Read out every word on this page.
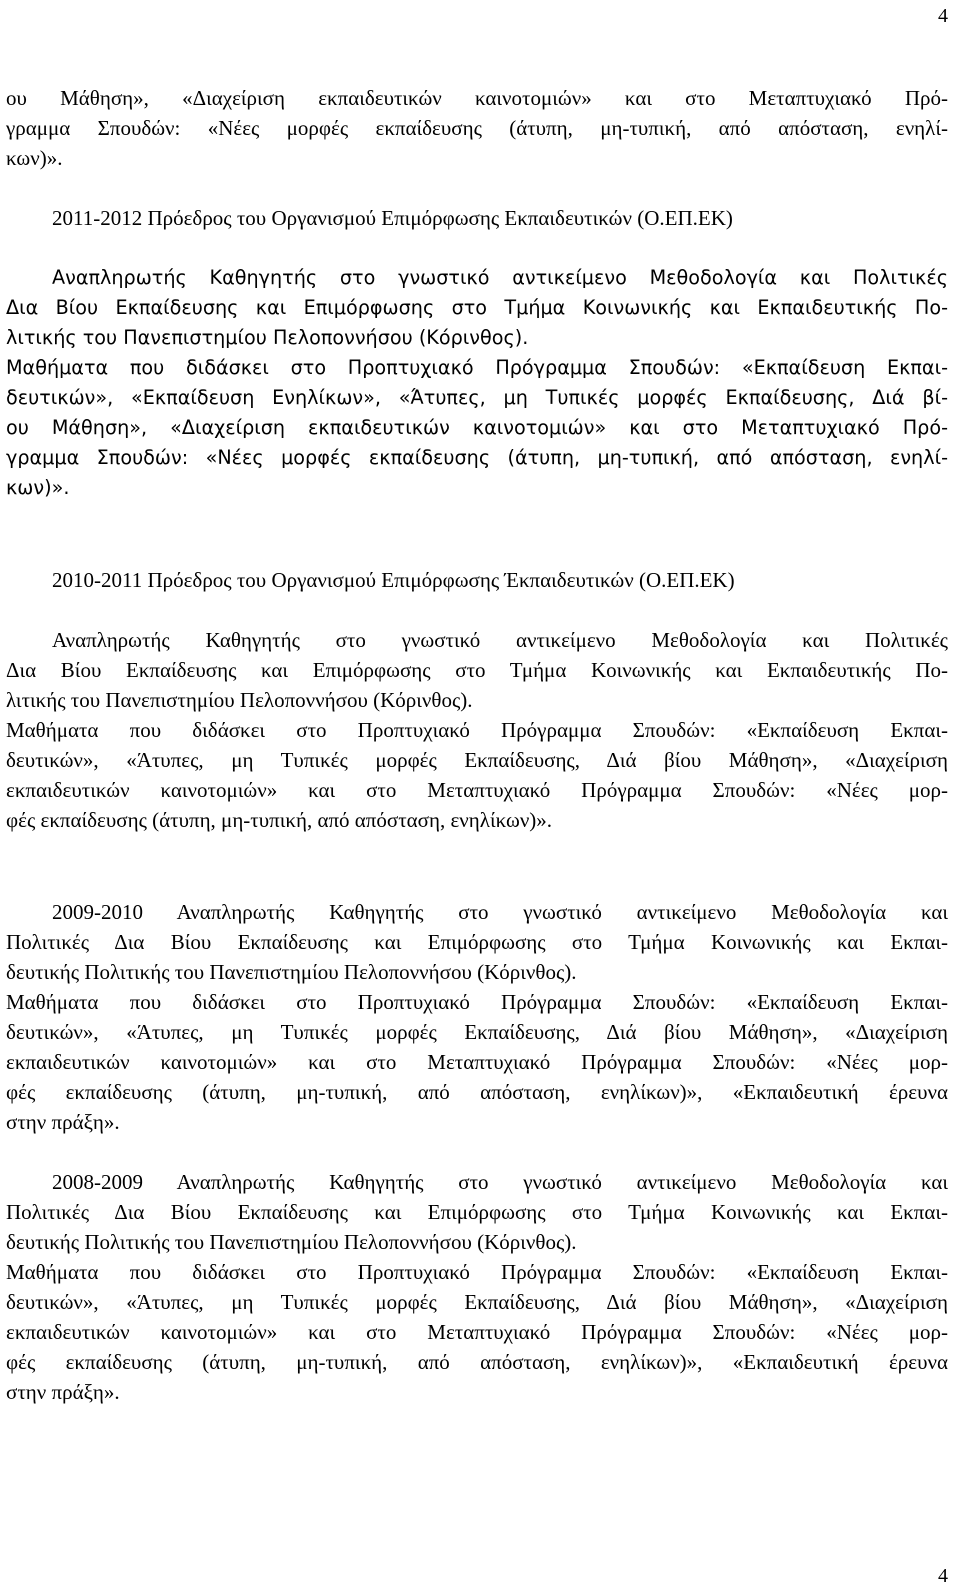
4
ου Μάθηση», «Διαχείριση εκπαιδευτικών καινοτομιών» και στο Μεταπτυχιακό Πρό-
γραμμα Σπουδών: «Νέες μορφές εκπαίδευσης (άτυπη, μη-τυπική, από απόσταση, ενηλί-
κων)».
2011-2012 Πρόεδρος του Οργανισμού Επιμόρφωσης Εκπαιδευτικών (Ο.ΕΠ.ΕΚ)
Αναπληρωτής Καθηγητής στο γνωστικό αντικείμενο Μεθοδολογία και Πολιτικές
Δια Βίου Εκπαίδευσης και Επιμόρφωσης στο Τμήμα Κοινωνικής και Εκπαιδευτικής Πο-
λιτικής του Πανεπιστημίου Πελοποννήσου (Κόρινθος).
Μαθήματα που διδάσκει στο Προπτυχιακό Πρόγραμμα Σπουδών: «Εκπαίδευση Εκπαι-
δευτικών», «Εκπαίδευση Ενηλίκων», «Άτυπες, μη Τυπικές μορφές Εκπαίδευσης, Διά βί-
ου Μάθηση», «Διαχείριση εκπαιδευτικών καινοτομιών» και στο Μεταπτυχιακό Πρό-
γραμμα Σπουδών: «Νέες μορφές εκπαίδευσης (άτυπη, μη-τυπική, από απόσταση, ενηλί-
κων)».
2010-2011 Πρόεδρος του Οργανισμού Επιμόρφωσης Έκπαιδευτικών (Ο.ΕΠ.ΕΚ)
Αναπληρωτής Καθηγητής στο γνωστικό αντικείμενο Μεθοδολογία και Πολιτικές
Δια Βίου Εκπαίδευσης και Επιμόρφωσης στο Τμήμα Κοινωνικής και Εκπαιδευτικής Πο-
λιτικής του Πανεπιστημίου Πελοποννήσου (Κόρινθος).
Μαθήματα που διδάσκει στο Προπτυχιακό Πρόγραμμα Σπουδών: «Εκπαίδευση Εκπαι-
δευτικών», «Άτυπες, μη Τυπικές μορφές Εκπαίδευσης, Διά βίου Μάθηση», «Διαχείριση
εκπαιδευτικών καινοτομιών» και στο Μεταπτυχιακό Πρόγραμμα Σπουδών: «Νέες μορ-
φές εκπαίδευσης (άτυπη, μη-τυπική, από απόσταση, ενηλίκων)».
2009-2010 Αναπληρωτής Καθηγητής στο γνωστικό αντικείμενο Μεθοδολογία και
Πολιτικές Δια Βίου Εκπαίδευσης και Επιμόρφωσης στο Τμήμα Κοινωνικής και Εκπαι-
δευτικής Πολιτικής του Πανεπιστημίου Πελοποννήσου (Κόρινθος).
Μαθήματα που διδάσκει στο Προπτυχιακό Πρόγραμμα Σπουδών: «Εκπαίδευση Εκπαι-
δευτικών», «Άτυπες, μη Τυπικές μορφές Εκπαίδευσης, Διά βίου Μάθηση», «Διαχείριση
εκπαιδευτικών καινοτομιών» και στο Μεταπτυχιακό Πρόγραμμα Σπουδών: «Νέες μορ-
φές εκπαίδευσης (άτυπη, μη-τυπική, από απόσταση, ενηλίκων)», «Εκπαιδευτική έρευνα
στην πράξη».
2008-2009 Αναπληρωτής Καθηγητής στο γνωστικό αντικείμενο Μεθοδολογία και
Πολιτικές Δια Βίου Εκπαίδευσης και Επιμόρφωσης στο Τμήμα Κοινωνικής και Εκπαι-
δευτικής Πολιτικής του Πανεπιστημίου Πελοποννήσου (Κόρινθος).
Μαθήματα που διδάσκει στο Προπτυχιακό Πρόγραμμα Σπουδών: «Εκπαίδευση Εκπαι-
δευτικών», «Άτυπες, μη Τυπικές μορφές Εκπαίδευσης, Διά βίου Μάθηση», «Διαχείριση
εκπαιδευτικών καινοτομιών» και στο Μεταπτυχιακό Πρόγραμμα Σπουδών: «Νέες μορ-
φές εκπαίδευσης (άτυπη, μη-τυπική, από απόσταση, ενηλίκων)», «Εκπαιδευτική έρευνα
στην πράξη».
4
